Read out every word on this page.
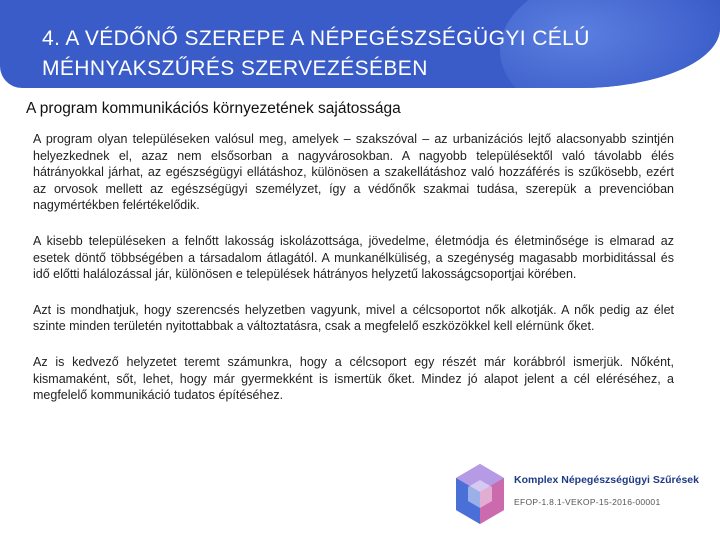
4. A VÉDŐNŐ SZEREPE A NÉPEGÉSZSÉGÜGYI CÉLÚ MÉHNYAKSZŰRÉS SZERVEZÉSÉBEN
A program kommunikációs környezetének sajátossága

A program olyan településeken valósul meg, amelyek – szakszóval – az urbanizációs lejtő alacsonyabb szintjén helyezkednek el, azaz nem elsősorban a nagyvárosokban. A nagyobb településektől való távolabb élés hátrányokkal járhat, az egészségügyi ellátáshoz, különösen a szakellátáshoz való hozzáférés is szűkösebb, ezért az orvosok mellett az egészségügyi személyzet, így a védőnők szakmai tudása, szerepük a prevencióban nagymértékben felértékelődik.

A kisebb településeken a felnőtt lakosság iskolázottsága, jövedelme, életmódja és életminősége is elmarad az esetek döntő többségében a társadalom átlagától. A munkanélküliség, a szegénység magasabb morbiditással és idő előtti halálozással jár, különösen e települések hátrányos helyzetű lakosságcsoportjai körében.

Azt is mondhatjuk, hogy szerencsés helyzetben vagyunk, mivel a célcsoportot nők alkotják. A nők pedig az élet szinte minden területén nyitottabbak a változtatásra, csak a megfelelő eszközökkel kell elérnünk őket.

Az is kedvező helyzetet teremt számunkra, hogy a célcsoport egy részét már korábbról ismerjük. Nőként, kismamaként, sőt, lehet, hogy már gyermekként is ismertük őket. Mindez jó alapot jelent a cél eléréséhez, a megfelelő kommunikáció tudatos építéséhez.

Komplex Népegészségügyi Szűrések
EFOP-1.8.1-VEKOP-15-2016-00001
